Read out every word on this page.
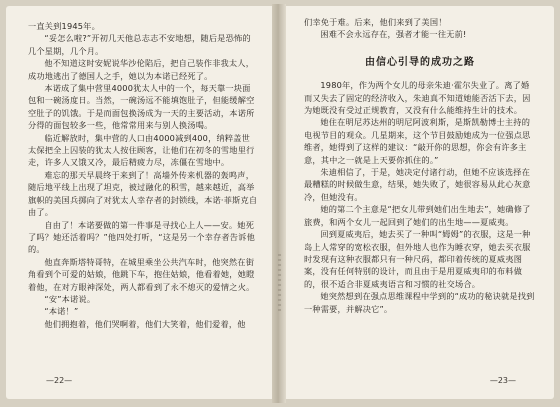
一直关到1945年。

“妥怎么啦?”开初几天他总志志不安地想，随后是恐怖的几个星期，几个月。

他不知道这时安妮说华沙伦陷后，把自己装作非我太人，成功地逃出了德国人之手，她以为本诺已经死了。

本诺成了集中营里4000犹太人中的一个，每天靠一块面包和一碗汤度日。当然，一碗汤远不能填饱肚子，但能缓解空空肚子的饥饿。于是而面包换汤成为一天的主要活动，本诺所分得的面包较多一些，他常常用来与别人换汤喝。

临近解放时，集中营的人口由4000减到400，纳粹盖世太保把全上囚装的犹太人按住顾客，让他们在初冬的雪地里行走，许多人又饿又冷，最后精疲力尽，冻僵在雪地中。

难忘的那天早晨终于来到了！高墙外传来机器的轰鸣声，随后地平线上出现了坦克，被过融化的积雪，越来越近，高举旗帜的美国兵掷向了对犹太人幸存者的封锁线，本诺·菲斯克自由了。

自由了！本诺要做的第一件事是寻找心上人——安。她死了吗？她还活着吗？”他四处打听，“这是另一个幸存者告诉他的。

他直奔斯塔特哥特，在城里乘坐公共汽车时，他突然在街角看到个可爱的姑娘，他跳下车，抱住姑娘，他看着她，她瞪着他，在对方眼神深处，两人都看到了永不熄灭的爱情之火。

“安”本诺说。

“本诺！”

他们拥抱着，他们哭啊着，他们大笑着，他们爱着，他

—22—

们幸免于难。后来，他们来到了美国！

困难不会永远存在，强者才能一往无前!

由信心引导的成功之路

1980年，作为两个女儿的母亲朱迪·霍尔失业了。离了婚而又失去了固定的经济收入，朱迪真不知道她能否活下去，因为她既没有受过正规教育，又没有什么能维持生计的技术。

她住在明尼苏达州的明尼阿波利斯，是斯凯勒博士主持的电视节目的观众。几星期来，这个节目鼓励她成为一位强点思维者，她得到了这样的建议：“敲开你的思想，你会有许多主意，其中之一就是上天要你抓住的。”

朱迪相信了，于是，她决定付诸行动，但她不应该选择在最糟糕的时候做生意，结果，她失败了，她很容易从此心灰意冷，但她没有。

她的第二个主意是“把女儿带到她们出生地去”，她确修了旅费，和两个女儿一起回到了她们的出生地——夏威夷。

回到夏威夷后，她去买了一种叫“姆姆”的衣服，这是一种岛上人常穿的宽松衣服，但外地人也作为睡衣穿，她去买衣服时发现有这种衣服都只有一种尺码，都印着传统的夏威夷图案，没有任何特别的设计，而且由于是用夏威夷印的布料做的，很不适合非夏威夷语言和习惯的社交场合。

她突然想到在强点思维课程中学到的“成功的秘诀就是找到一种需要，并解决它”。

—23—
